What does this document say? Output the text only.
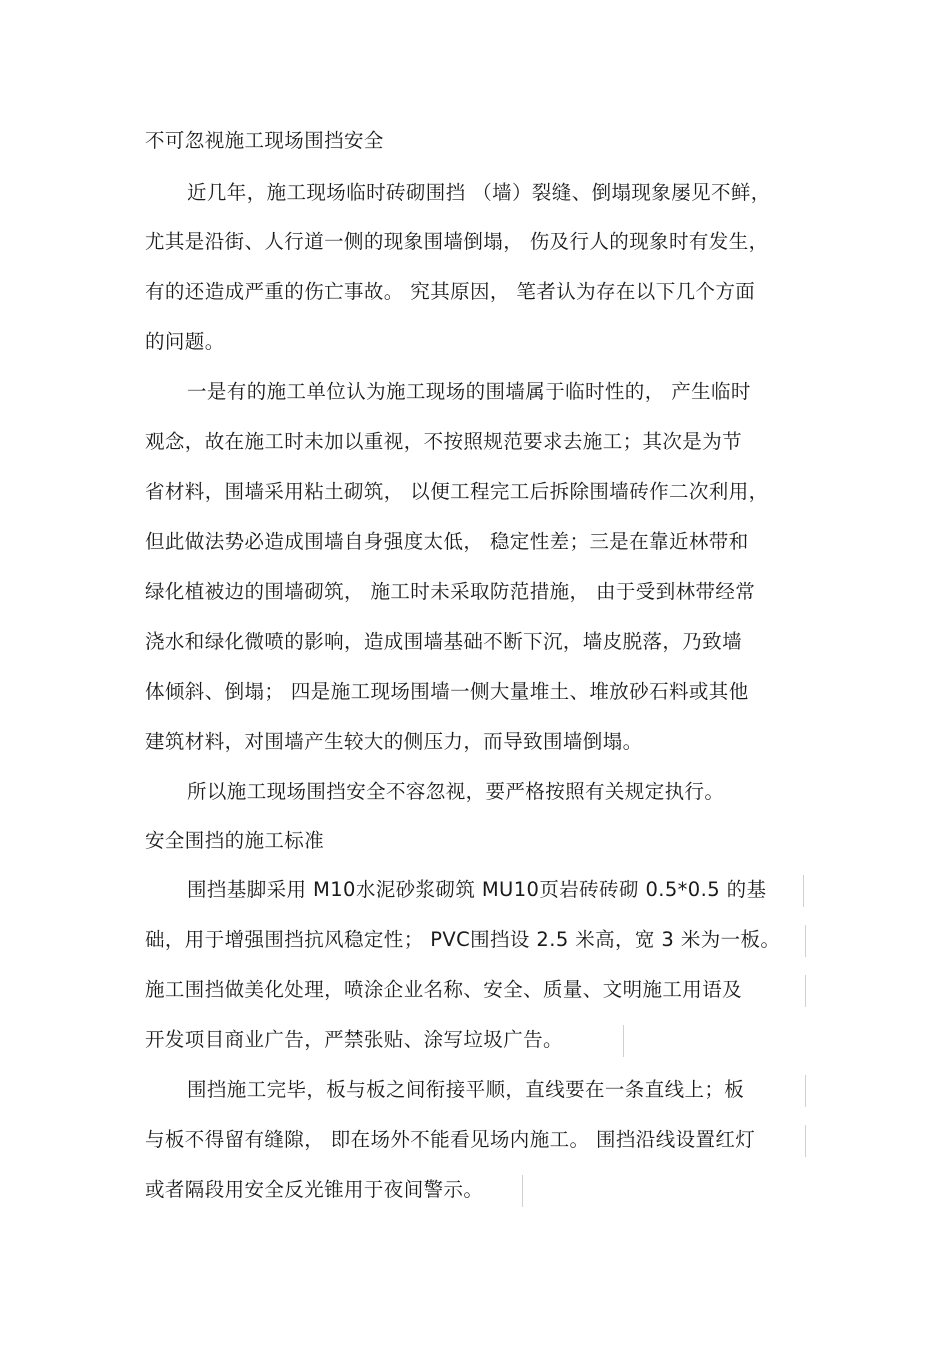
不可忽视施工现场围挡安全
近几年，施工现场临时砖砌围挡 （墙）裂缝、倒塌现象屡见不鲜，
尤其是沿街、人行道一侧的现象围墙倒塌， 伤及行人的现象时有发生，
有的还造成严重的伤亡事故。 究其原因， 笔者认为存在以下几个方面
的问题。
一是有的施工单位认为施工现场的围墙属于临时性的， 产生临时
观念，故在施工时未加以重视，不按照规范要求去施工；其次是为节
省材料，围墙采用粘土砌筑， 以便工程完工后拆除围墙砖作二次利用，
但此做法势必造成围墙自身强度太低， 稳定性差；三是在靠近林带和
绿化植被边的围墙砌筑， 施工时未采取防范措施， 由于受到林带经常
浇水和绿化微喷的影响，造成围墙基础不断下沉，墙皮脱落，乃致墙
体倾斜、倒塌； 四是施工现场围墙一侧大量堆土、堆放砂石料或其他
建筑材料，对围墙产生较大的侧压力，而导致围墙倒塌。
所以施工现场围挡安全不容忽视，要严格按照有关规定执行。
安全围挡的施工标准
围挡基脚采用 M10水泥砂浆砌筑 MU10页岩砖砖砌 0.5*0.5 的基
础，用于增强围挡抗风稳定性； PVC围挡设 2.5 米高，宽 3 米为一板。
施工围挡做美化处理，喷涂企业名称、安全、质量、文明施工用语及
开发项目商业广告，严禁张贴、涂写垃圾广告。
围挡施工完毕，板与板之间衔接平顺，直线要在一条直线上；板
与板不得留有缝隙， 即在场外不能看见场内施工。 围挡沿线设置红灯
或者隔段用安全反光锥用于夜间警示。
